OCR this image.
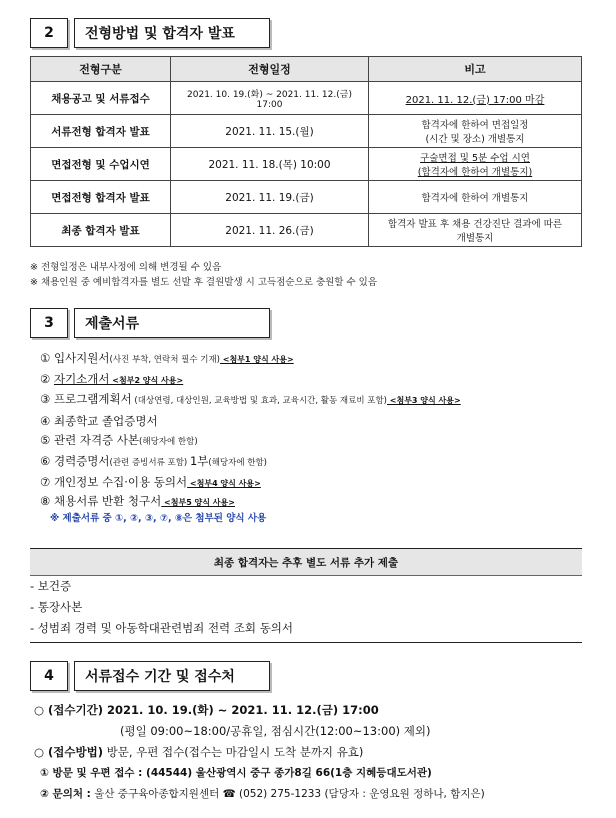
2	전형방법 및 합격자 발표
전형구분	전형일정	비고
채용공고 및 서류접수	2021. 10. 19.(화) ~ 2021. 11. 12.(금) 17:00	2021. 11. 12.(금) 17:00 마감
서류전형 합격자 발표	2021. 11. 15.(월)	합격자에 한하여 면접일정
(시간 및 장소) 개별통지

면접전형 및 수업시연	2021. 11. 18.(목) 10:00	구술면접 및 5분 수업 시연
(합격자에 한하여 개별통지)

면접전형 합격자 발표	2021. 11. 19.(금)	합격자에 한하여 개별통지
최종 합격자 발표	2021. 11. 26.(금)	합격자 발표 후 채용 건강진단 결과에 따른
개별통지
※ 전형일정은 내부사정에 의해 변경될 수 있음
※ 채용인원 중 예비합격자를 별도 선발 후 결원발생 시 고득점순으로 충원할 수 있음
3	제출서류
① 입사지원서(사진 부착, 연락처 필수 기재) <첨부1 양식 사용>
② 자기소개서 <첨부2 양식 사용>
③ 프로그램계획서 (대상연령, 대상인원, 교육방법 및 효과, 교육시간, 활동 재료비 포함) <첨부3 양식 사용>
④ 최종학교 졸업증명서
⑤ 관련 자격증 사본(해당자에 한함)
⑥ 경력증명서(관련 증빙서류 포함) 1부(해당자에 한함)
⑦ 개인정보 수집·이용 동의서 <첨부4 양식 사용>
⑧ 채용서류 반환 청구서 <첨부5 양식 사용>
※ 제출서류 중 ①, ②, ③, ⑦, ⑧은 첨부된 양식 사용
최종 합격자는 추후 별도 서류 추가 제출
- 보건증
- 통장사본
- 성범죄 경력 및 아동학대관련범죄 전력 조회 동의서
4	서류접수 기간 및 접수처
○ (접수기간) 2021. 10. 19.(화) ~ 2021. 11. 12.(금) 17:00
(평일 09:00~18:00/공휴일, 점심시간(12:00~13:00) 제외)
○ (접수방법) 방문, 우편 접수(접수는 마감일시 도착 분까지 유효)
① 방문 및 우편 접수 : (44544) 울산광역시 중구 종가8길 66(1층 지혜등대도서관)
② 문의처 : 울산 중구육아종합지원센터 ☎ (052) 275-1233 (담당자 : 운영요원 정하나, 함지은)
